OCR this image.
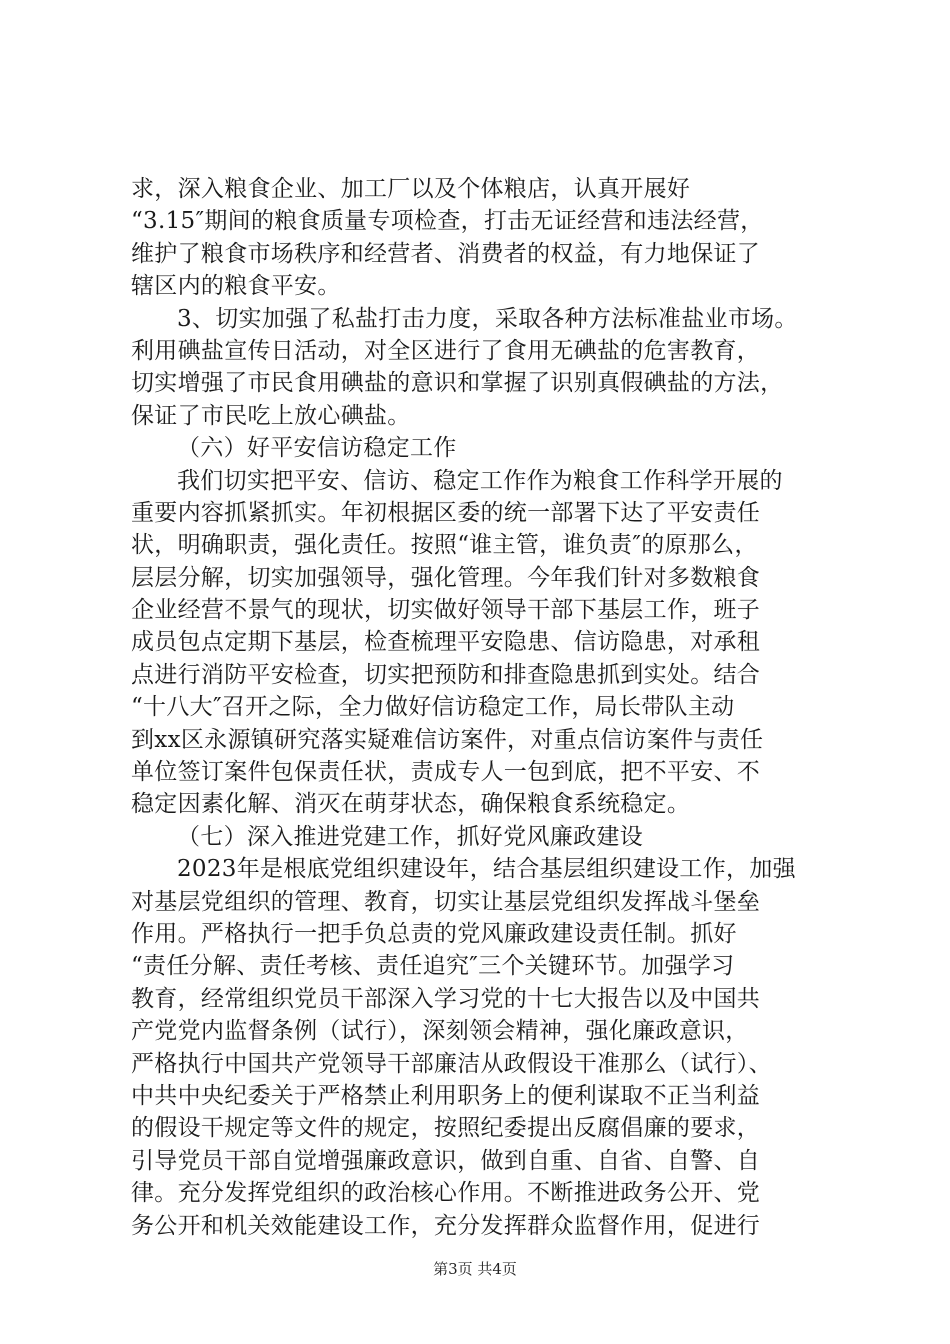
求，深入粮食企业、加工厂以及个体粮店，认真开展好
“3.15″期间的粮食质量专项检查，打击无证经营和违法经营，
维护了粮食市场秩序和经营者、消费者的权益，有力地保证了
辖区内的粮食平安。
3、切实加强了私盐打击力度，采取各种方法标准盐业市场。
利用碘盐宣传日活动，对全区进行了食用无碘盐的危害教育，
切实增强了市民食用碘盐的意识和掌握了识别真假碘盐的方法，
保证了市民吃上放心碘盐。
（六）好平安信访稳定工作
我们切实把平安、信访、稳定工作作为粮食工作科学开展的
重要内容抓紧抓实。年初根据区委的统一部署下达了平安责任
状，明确职责，强化责任。按照“谁主管，谁负责″的原那么，
层层分解，切实加强领导，强化管理。今年我们针对多数粮食
企业经营不景气的现状，切实做好领导干部下基层工作，班子
成员包点定期下基层，检查梳理平安隐患、信访隐患，对承租
点进行消防平安检查，切实把预防和排查隐患抓到实处。结合
“十八大″召开之际，全力做好信访稳定工作，局长带队主动
到xx区永源镇研究落实疑难信访案件，对重点信访案件与责任
单位签订案件包保责任状，责成专人一包到底，把不平安、不
稳定因素化解、消灭在萌芽状态，确保粮食系统稳定。
（七）深入推进党建工作，抓好党风廉政建设
2023年是根底党组织建设年，结合基层组织建设工作，加强
对基层党组织的管理、教育，切实让基层党组织发挥战斗堡垒
作用。严格执行一把手负总责的党风廉政建设责任制。抓好
“责任分解、责任考核、责任追究″三个关键环节。加强学习
教育，经常组织党员干部深入学习党的十七大报告以及中国共
产党党内监督条例（试行），深刻领会精神，强化廉政意识，
严格执行中国共产党领导干部廉洁从政假设干准那么（试行）、
中共中央纪委关于严格禁止利用职务上的便利谋取不正当利益
的假设干规定等文件的规定，按照纪委提出反腐倡廉的要求，
引导党员干部自觉增强廉政意识，做到自重、自省、自警、自
律。充分发挥党组织的政治核心作用。不断推进政务公开、党
务公开和机关效能建设工作，充分发挥群众监督作用，促进行
第3页 共4页
